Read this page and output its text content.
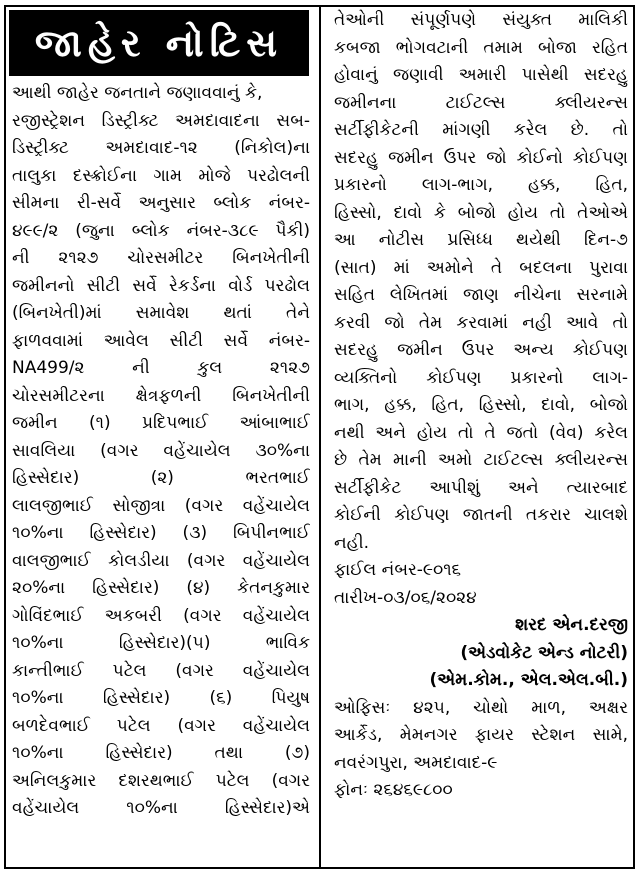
જાહેર નોટિસ
આથી જાહેર જનતાને જણાવવાનું કે,
રજીસ્ટ્રેશન ડિસ્ટ્રીક્ટ અમદાવાદના સબ-
ડિસ્ટ્રીક્ટ અમદાવાદ-૧૨ (નિકોલ)ના
તાલુકા દસ્ક્રોઈના ગામ મોજે પરઢોલની
સીમના રી-સર્વે અનુસાર બ્લોક નંબર-
૪૯૯/૨ (જુના બ્લોક નંબર-૩૮૯ પૈકી)
ની ૨૧૨૭ ચોરસમીટર બિનખેતીની
જમીનનો સીટી સર્વે રેકર્ડના વોર્ડ પરઢોલ
(બિનખેતી)માં સમાવેશ થતાં તેને
ફાળવવામાં આવેલ સીટી સર્વે નંબર-
NA499/૨ ની કુલ ૨૧૨૭
ચોરસમીટરના ક્ષેત્રફળની બિનખેતીની
જમીન (૧) પ્રદિપભાઈ આંબાભાઈ
સાવલિયા (વગર વહેંચાયેલ ૩૦%ના
હિસ્સેદાર) (૨) ભરતભાઈ
લાલજીભાઈ સોજીત્રા (વગર વહેંચાયેલ
૧૦%ના હિસ્સેદાર) (૩) બિપીનભાઈ
વાલજીભાઈ કોલડીયા (વગર વહેંચાયેલ
૨૦%ના હિસ્સેદાર) (૪) કેતનકુમાર
ગોવિંદભાઈ અકબરી (વગર વહેંચાયેલ
૧૦%ના હિસ્સેદાર)(૫) ભાવિક
કાન્તીભાઈ પટેલ (વગર વહેંચાયેલ
૧૦%ના હિસ્સેદાર) (૬) પિયુષ
બળદેવભાઈ પટેલ (વગર વહેંચાયેલ
૧૦%ના હિસ્સેદાર) તથા (૭)
અનિલકુમાર દશરથભાઈ પટેલ (વગર
વહેંચાયેલ ૧૦%ના હિસ્સેદાર)એ
તેઓની સંપૂર્ણપણે સંયુક્ત માલિકી
કબજા ભોગવટાની તમામ બોજા રહિત
હોવાનું જણાવી અમારી પાસેથી સદરહુ
જમીનના ટાઈટલ્સ ક્લીયરન્સ
સર્ટીફીકેટની માંગણી કરેલ છે. તો
સદરહુ જમીન ઉપર જો કોઈનો કોઈપણ
પ્રકારનો લાગ-ભાગ, હક્ક, હિત,
હિસ્સો, દાવો કે બોજો હોય તો તેઓએ
આ નોટીસ પ્રસિધ્ધ થયેથી દિન-૭
(સાત) માં અમોને તે બદલના પુરાવા
સહિત લેખિતમાં જાણ નીચેના સરનામે
કરવી જો તેમ કરવામાં નહી આવે તો
સદરહુ જમીન ઉપર અન્ય કોઈપણ
વ્યક્તિનો કોઈપણ પ્રકારનો લાગ-
ભાગ, હક્ક, હિત, હિસ્સો, દાવો, બોજો
નથી અને હોય તો તે જતો (વેવ) કરેલ
છે તેમ માની અમો ટાઈટલ્સ ક્લીયરન્સ
સર્ટીફીકેટ આપીશું અને ત્યારબાદ
કોઈની કોઈપણ જાતની તકરાર ચાલશે
નહી.
ફાઈલ નંબર-૯૦૧૬
તારીખ-૦૩/૦૬/૨૦૨૪
શરદ એન.દરજી
(એડવોકેટ એન્ડ નોટરી)
(એમ.કોમ., એલ.એલ.બી.)
ઓફિસઃ ૪૨૫, ચોથો માળ, અક્ષર
આર્કેડ, મેમનગર ફાયર સ્ટેશન સામે,
નવરંગપુરા, અમદાવાદ-૯
ફોનઃ ૨૬૪૬૯૮૦૦
